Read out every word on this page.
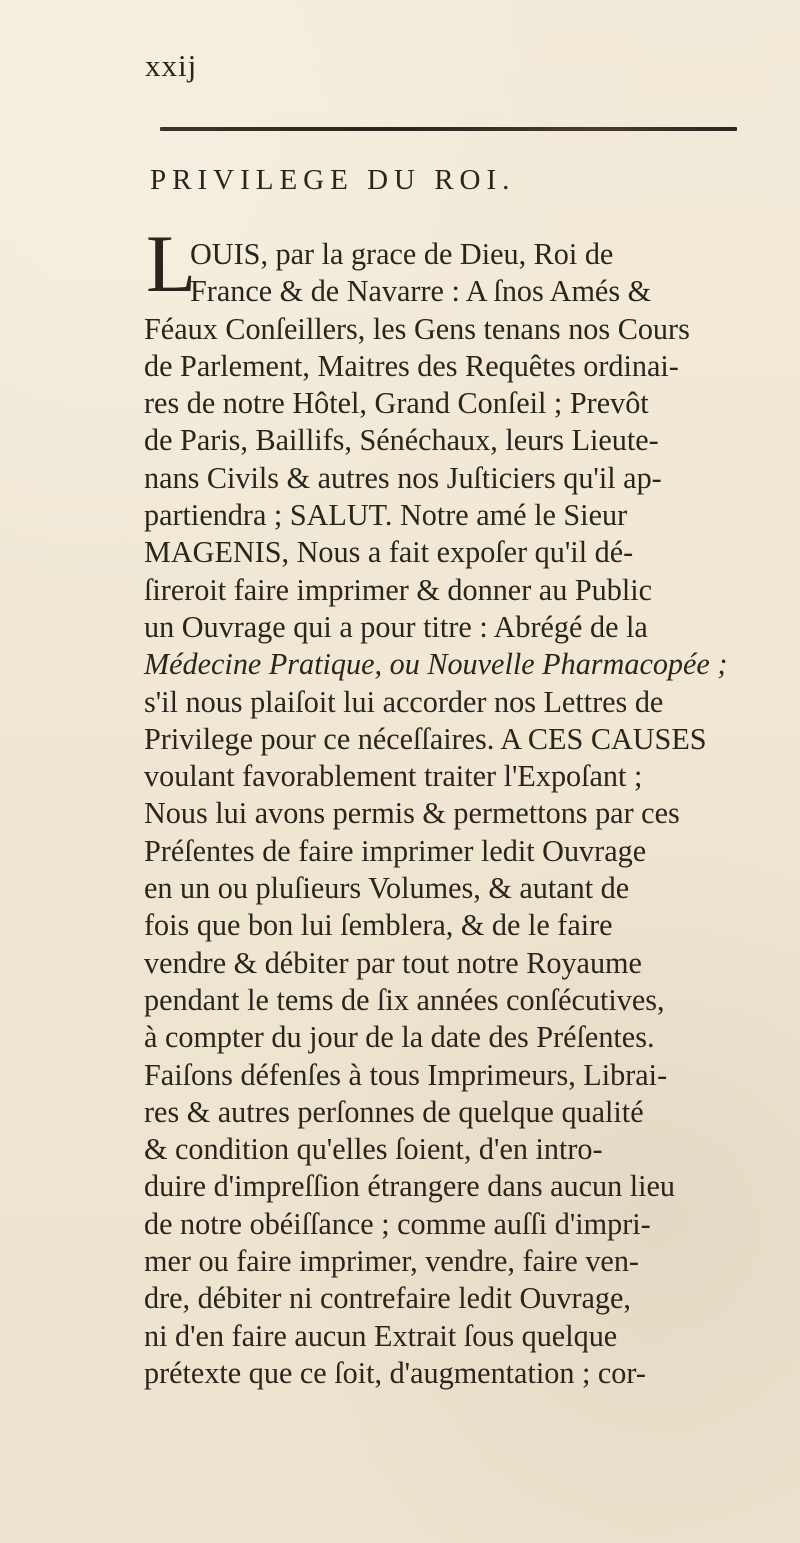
xxij
PRIVILEGE DU ROI.
L
OUIS, par la grace de Dieu, Roi de
France & de Navarre : A ſnos Amés &
Féaux Conſeillers, les Gens tenans nos Cours
de Parlement, Maitres des Requêtes ordinai-
res de notre Hôtel, Grand Conſeil ; Prevôt
de Paris, Baillifs, Sénéchaux, leurs Lieute-
nans Civils & autres nos Juſticiers qu'il ap-
partiendra ; SALUT. Notre amé le Sieur
MAGENIS, Nous a fait expoſer qu'il dé-
ſireroit faire imprimer & donner au Public
un Ouvrage qui a pour titre : Abrégé de la
Médecine Pratique, ou Nouvelle Pharmacopée ;
s'il nous plaiſoit lui accorder nos Lettres de
Privilege pour ce néceſſaires. A CES CAUSES
voulant favorablement traiter l'Expoſant ;
Nous lui avons permis & permettons par ces
Préſentes de faire imprimer ledit Ouvrage
en un ou pluſieurs Volumes, & autant de
fois que bon lui ſemblera, & de le faire
vendre & débiter par tout notre Royaume
pendant le tems de ſix années conſécutives,
à compter du jour de la date des Préſentes.
Faiſons défenſes à tous Imprimeurs, Librai-
res & autres perſonnes de quelque qualité
& condition qu'elles ſoient, d'en intro-
duire d'impreſſion étrangere dans aucun lieu
de notre obéiſſance ; comme auſſi d'impri-
mer ou faire imprimer, vendre, faire ven-
dre, débiter ni contrefaire ledit Ouvrage,
ni d'en faire aucun Extrait ſous quelque
prétexte que ce ſoit, d'augmentation ; cor-
